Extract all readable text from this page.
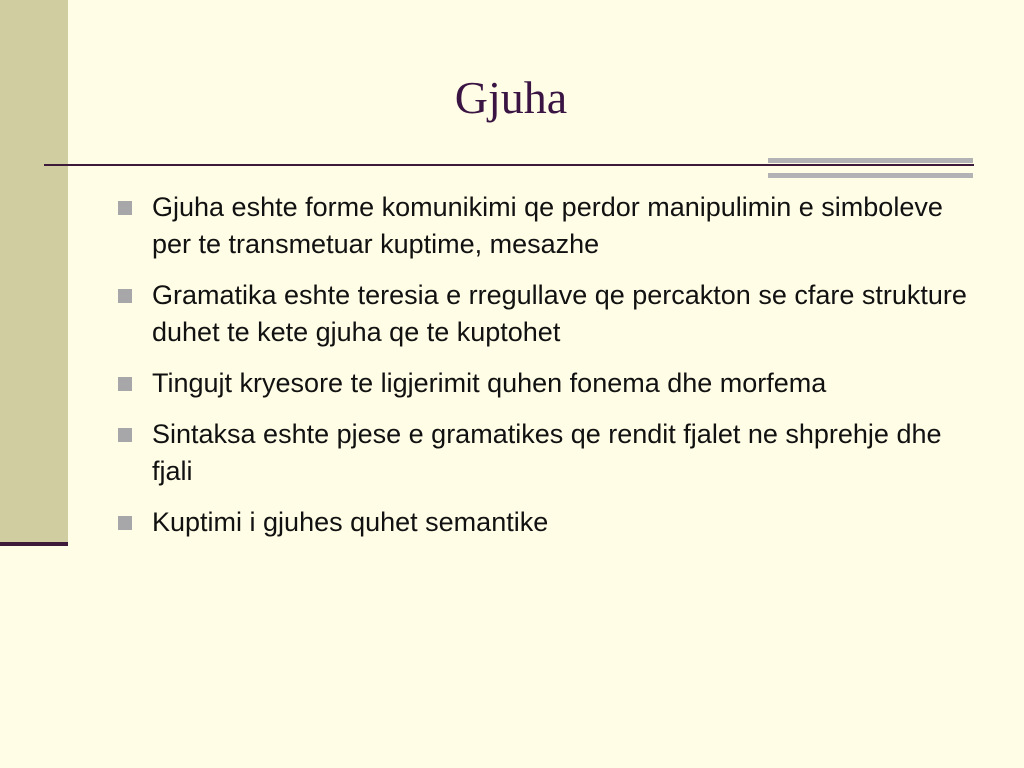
Gjuha
Gjuha eshte forme komunikimi qe perdor manipulimin e simboleve per te transmetuar kuptime, mesazhe
Gramatika eshte teresia e rregullave qe percakton se cfare strukture duhet te kete gjuha qe te kuptohet
Tingujt kryesore te ligjerimit quhen fonema dhe morfema
Sintaksa eshte pjese e gramatikes qe rendit fjalet ne shprehje dhe fjali
Kuptimi i gjuhes quhet semantike
